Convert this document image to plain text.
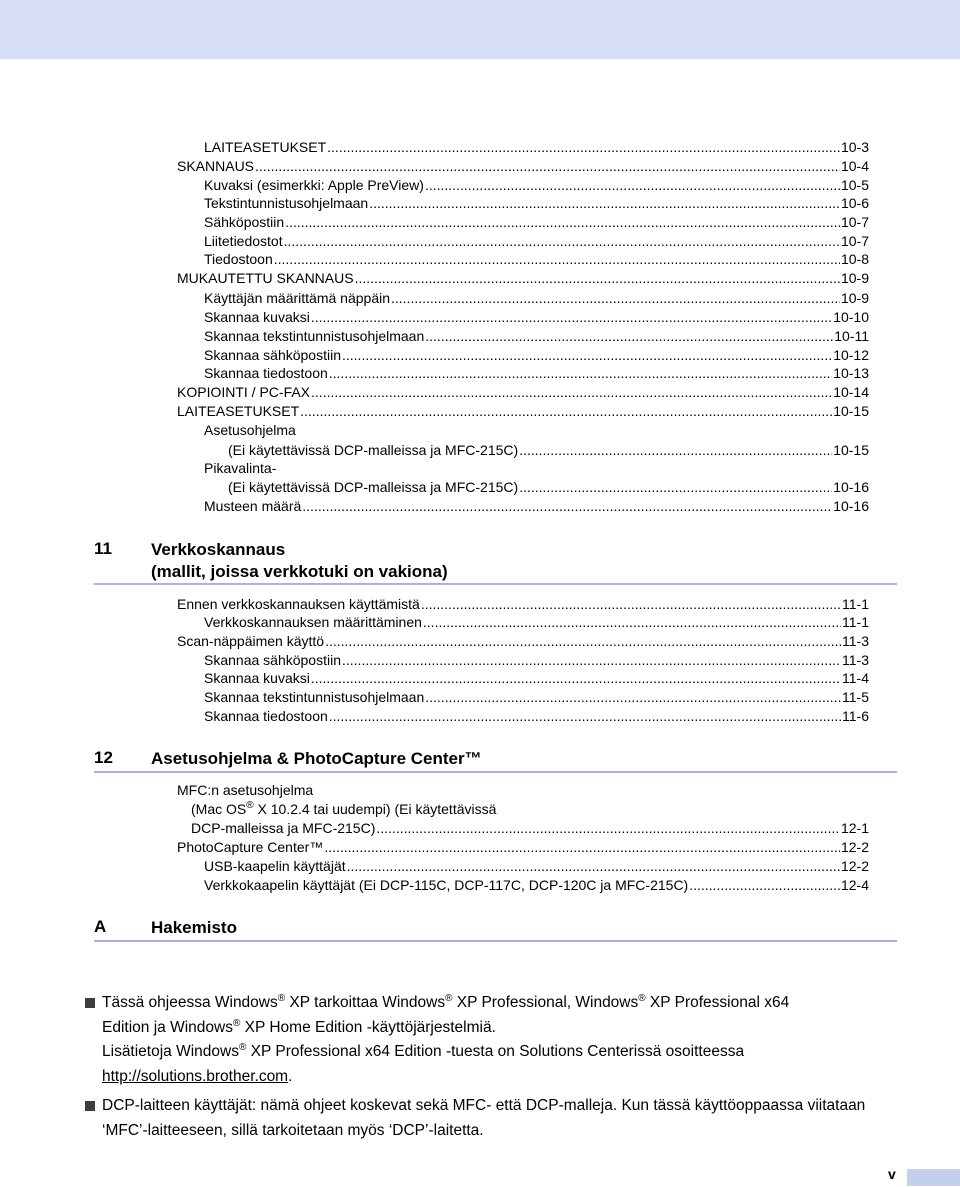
LAITEASETUKSET .....	10-3
SKANNAUS .....	10-4
Kuvaksi (esimerkki: Apple PreView) .....	10-5
Tekstintunnistusohjelmaan .....	10-6
Sähköpostiin .....	10-7
Liitetiedostot .....	10-7
Tiedostoon .....	10-8
MUKAUTETTU SKANNAUS .....	10-9
Käyttäjän määrittämä näppäin .....	10-9
Skannaa kuvaksi .....	10-10
Skannaa tekstintunnistusohjelmaan .....	10-11
Skannaa sähköpostiin .....	10-12
Skannaa tiedostoon .....	10-13
KOPIOINTI / PC-FAX .....	10-14
LAITEASETUKSET .....	10-15
Asetusohjelma
(Ei käytettävissä DCP-malleissa ja MFC-215C) .....	10-15
Pikavalinta-
(Ei käytettävissä DCP-malleissa ja MFC-215C) .....	10-16
Musteen määrä .....	10-16
11 Verkkoskannaus
(mallit, joissa verkkotuki on vakiona)
Ennen verkkoskannauksen käyttämistä .....	11-1
Verkkoskannauksen määrittäminen .....	11-1
Scan-näppäimen käyttö .....	11-3
Skannaa sähköpostiin .....	11-3
Skannaa kuvaksi .....	11-4
Skannaa tekstintunnistusohjelmaan .....	11-5
Skannaa tiedostoon .....	11-6
12 Asetusohjelma & PhotoCapture Center™
MFC:n asetusohjelma
(Mac OS® X 10.2.4 tai uudempi) (Ei käytettävissä
DCP-malleissa ja MFC-215C) .....	12-1
PhotoCapture Center™ .....	12-2
USB-kaapelin käyttäjät .....	12-2
Verkkokaapelin käyttäjät (Ei DCP-115C, DCP-117C, DCP-120C ja MFC-215C) .....	12-4
A	Hakemisto
Tässä ohjeessa Windows® XP tarkoittaa Windows® XP Professional, Windows® XP Professional x64
Edition ja Windows® XP Home Edition -käyttöjärjestelmiä.
Lisätietoja Windows® XP Professional x64 Edition -tuesta on Solutions Centerissä osoitteessa
http://solutions.brother.com.
DCP-laitteen käyttäjät: nämä ohjeet koskevat sekä MFC- että DCP-malleja. Kun tässä käyttöoppaassa viitataan ‘MFC’-laitteeseen, sillä tarkoitetaan myös ‘DCP’-laitetta.
v
